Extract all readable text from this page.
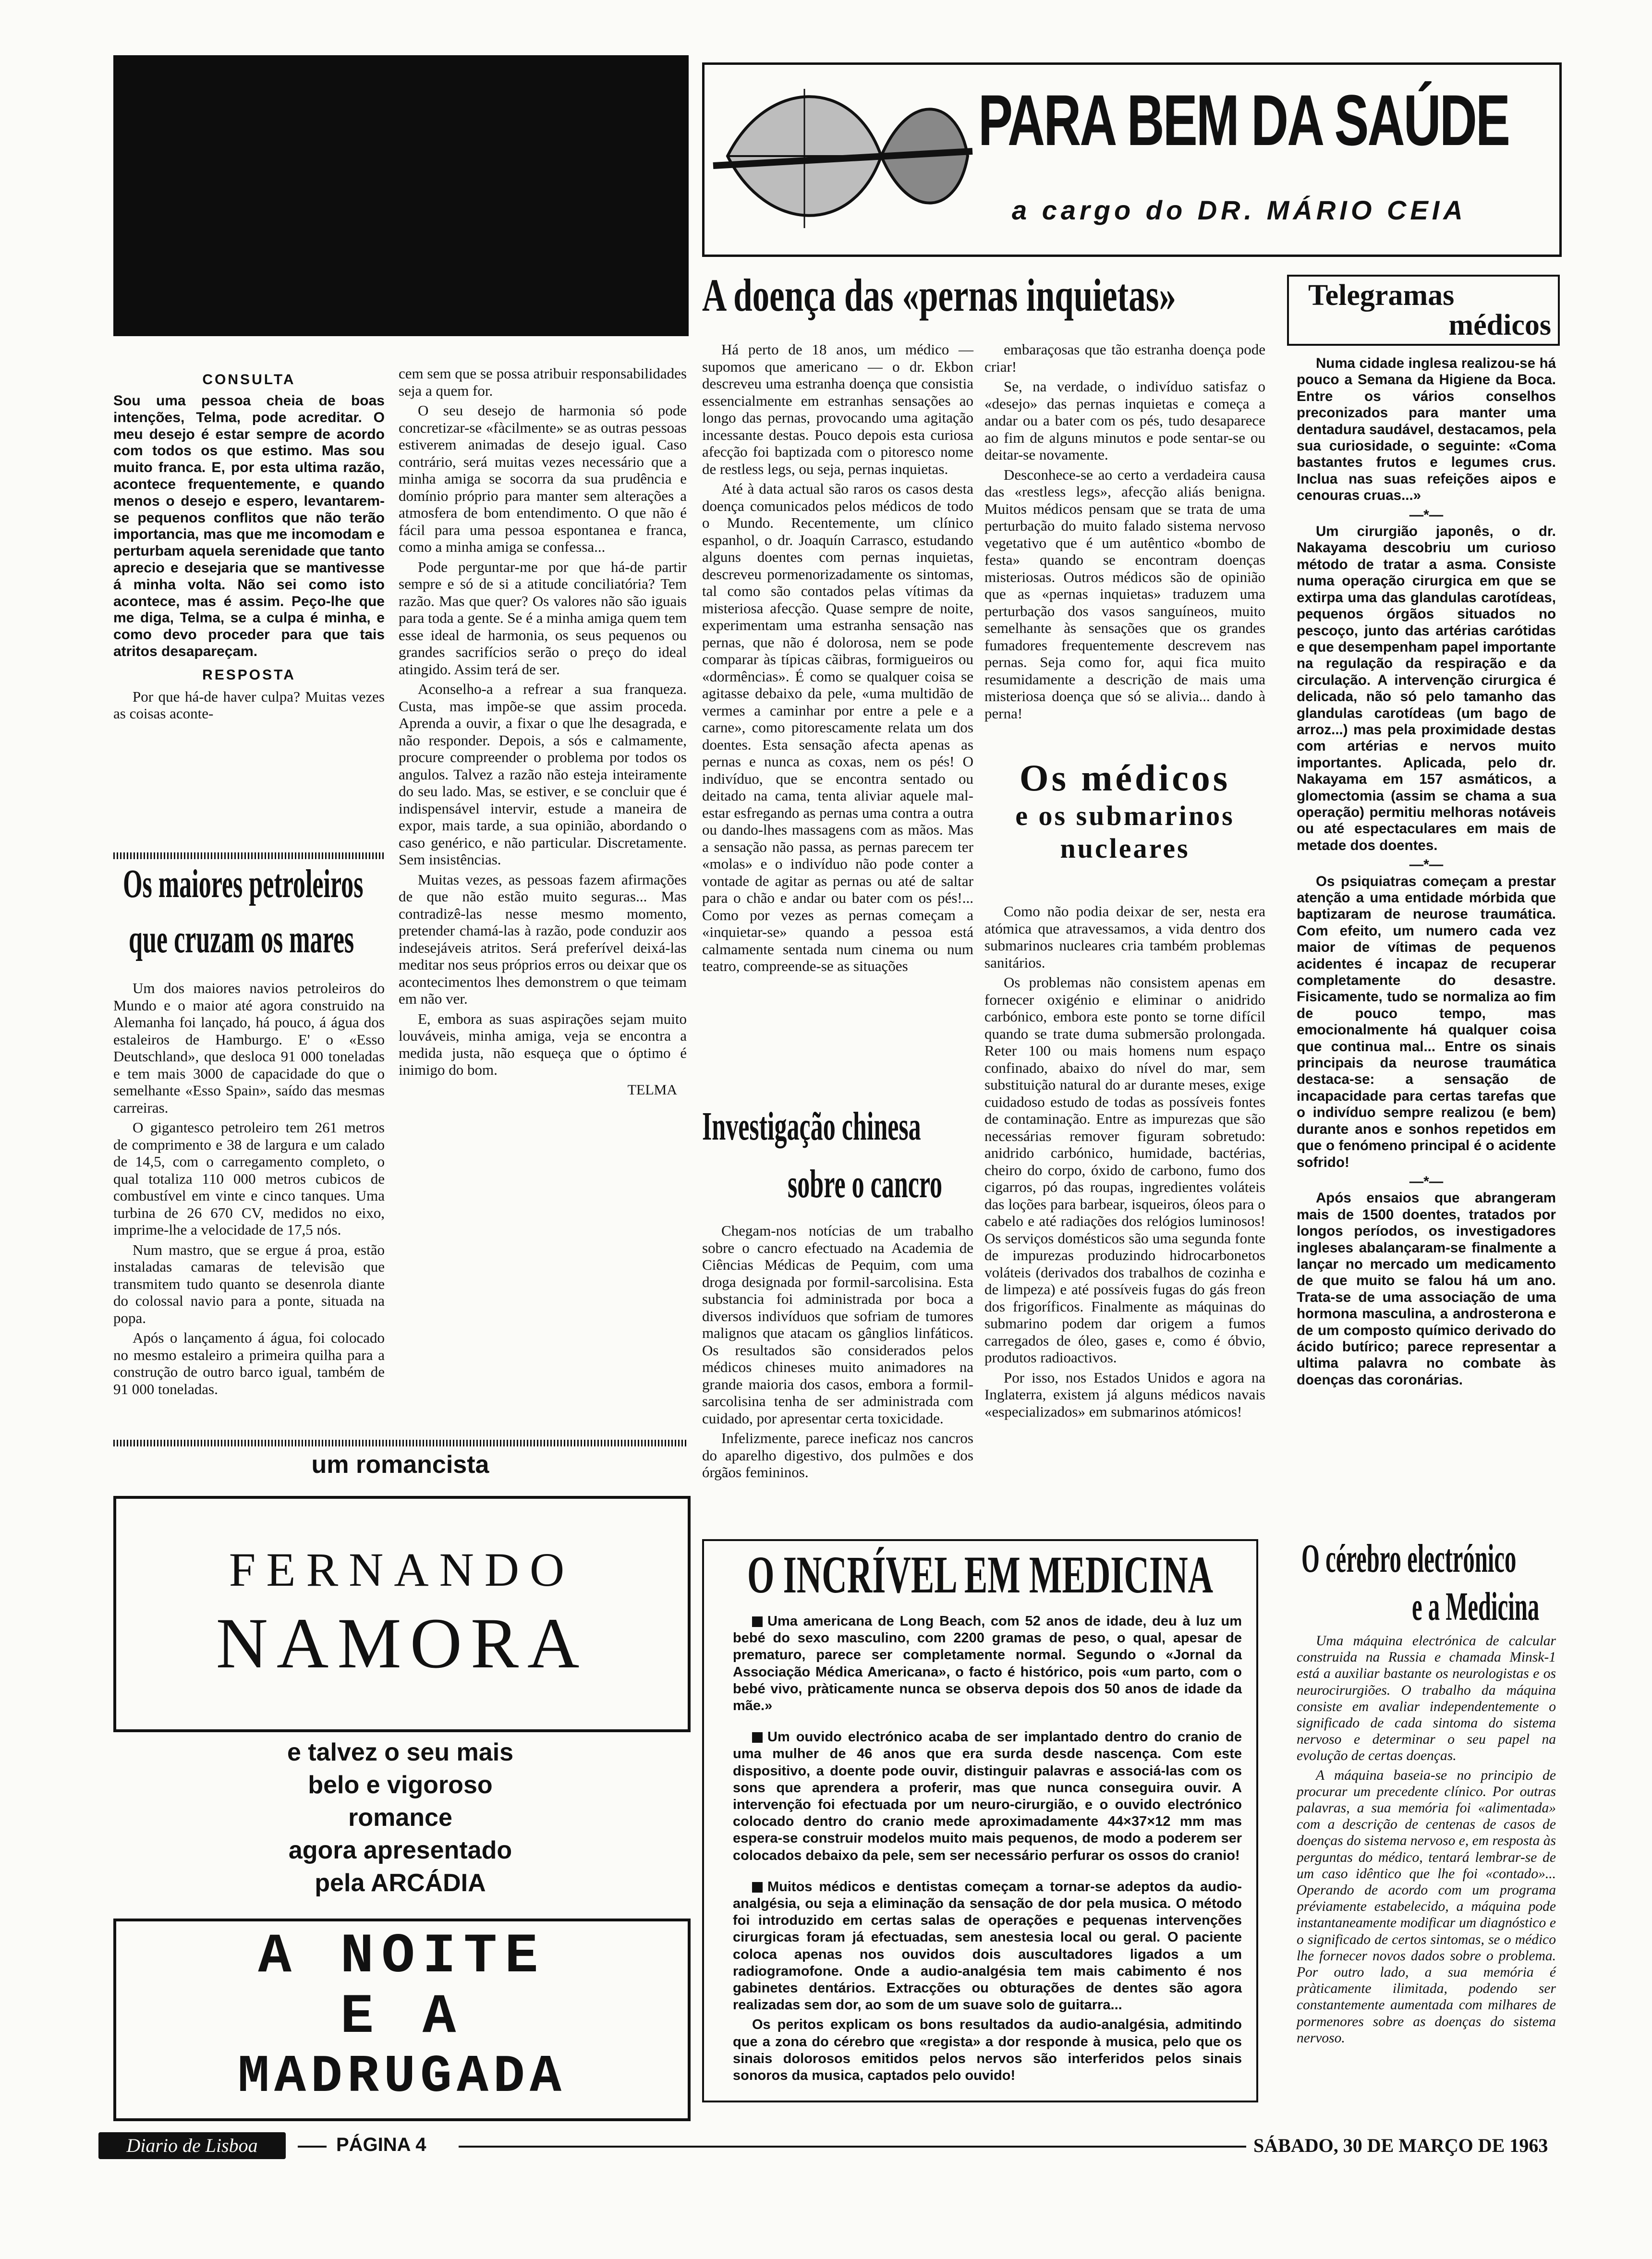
PARA BEM DA SAÚDE
a cargo do DR. MÁRIO CEIA
A doença das «pernas inquietas»

Há perto de 18 anos, um médico — supomos que americano — o dr. Ekbon descreveu uma estranha doença que consistia essencialmente em estranhas sensações ao longo das pernas, provocando uma agitação incessante destas. Pouco depois esta curiosa afecção foi baptizada com o pitoresco nome de restless legs, ou seja, pernas inquietas.

Até à data actual são raros os casos desta doença comunicados pelos médicos de todo o Mundo. Recentemente, um clínico espanhol, o dr. Joaquín Carrasco, estudando alguns doentes com pernas inquietas, descreveu pormenorizadamente os sintomas, tal como são contados pelas vítimas da misteriosa afecção. Quase sempre de noite, experimentam uma estranha sensação nas pernas, que não é dolorosa, nem se pode comparar às típicas cãibras, formigueiros ou «dormências». É como se qualquer coisa se agitasse debaixo da pele, «uma multidão de vermes a caminhar por entre a pele e a carne», como pitorescamente relata um dos doentes. Esta sensação afecta apenas as pernas e nunca as coxas, nem os pés! O indivíduo, que se encontra sentado ou deitado na cama, tenta aliviar aquele mal-estar esfregando as pernas uma contra a outra ou dando-lhes massagens com as mãos. Mas a sensação não passa, as pernas parecem ter «molas» e o indivíduo não pode conter a vontade de agitar as pernas ou até de saltar para o chão e andar ou bater com os pés!... Como por vezes as pernas começam a «inquietar-se» quando a pessoa está calmamente sentada num cinema ou num teatro, compreende-se as situações

embaraçosas que tão estranha doença pode criar!

Se, na verdade, o indivíduo satisfaz o «desejo» das pernas inquietas e começa a andar ou a bater com os pés, tudo desaparece ao fim de alguns minutos e pode sentar-se ou deitar-se novamente.

Desconhece-se ao certo a verdadeira causa das «restless legs», afecção aliás benigna. Muitos médicos pensam que se trata de uma perturbação do muito falado sistema nervoso vegetativo que é um autêntico «bombo de festa» quando se encontram doenças misteriosas. Outros médicos são de opinião que as «pernas inquietas» traduzem uma perturbação dos vasos sanguíneos, muito semelhante às sensações que os grandes fumadores frequentemente descrevem nas pernas. Seja como for, aqui fica muito resumidamente a descrição de mais uma misteriosa doença que só se alivia... dando à perna!

Telegramas
médicos

Numa cidade inglesa realizou-se há pouco a Semana da Higiene da Boca. Entre os vários conselhos preconizados para manter uma dentadura saudável, destacamos, pela sua curiosidade, o seguinte: «Coma bastantes frutos e legumes crus. Inclua nas suas refeições aipos e cenouras cruas...»

—*—

Um cirurgião japonês, o dr. Nakayama descobriu um curioso método de tratar a asma. Consiste numa operação cirurgica em que se extirpa uma das glandulas carotídeas, pequenos órgãos situados no pescoço, junto das artérias carótidas e que desempenham papel importante na regulação da respiração e da circulação. A intervenção cirurgica é delicada, não só pelo tamanho das glandulas carotídeas (um bago de arroz...) mas pela proximidade destas com artérias e nervos muito importantes. Aplicada, pelo dr. Nakayama em 157 asmáticos, a glomectomia (assim se chama a sua operação) permitiu melhoras notáveis ou até espectaculares em mais de metade dos doentes.

—*—

Os psiquiatras começam a prestar atenção a uma entidade mórbida que baptizaram de neurose traumática. Com efeito, um numero cada vez maior de vítimas de pequenos acidentes é incapaz de recuperar completamente do desastre. Fisicamente, tudo se normaliza ao fim de pouco tempo, mas emocionalmente há qualquer coisa que continua mal... Entre os sinais principais da neurose traumática destaca-se: a sensação de incapacidade para certas tarefas que o indivíduo sempre realizou (e bem) durante anos e sonhos repetidos em que o fenómeno principal é o acidente sofrido!

—*—

Após ensaios que abrangeram mais de 1500 doentes, tratados por longos períodos, os investigadores ingleses abalançaram-se finalmente a lançar no mercado um medicamento de que muito se falou há um ano. Trata-se de uma associação de uma hormona masculina, a androsterona e de um composto químico derivado do ácido butírico; parece representar a ultima palavra no combate às doenças das coronárias.

CONSULTA
Sou uma pessoa cheia de boas intenções, Telma, pode acreditar. O meu desejo é estar sempre de acordo com todos os que estimo. Mas sou muito franca. E, por esta ultima razão, acontece frequentemente, e quando menos o desejo e espero, levantarem-se pequenos conflitos que não terão importancia, mas que me incomodam e perturbam aquela serenidade que tanto aprecio e desejaria que se mantivesse á minha volta. Não sei como isto acontece, mas é assim. Peço-lhe que me diga, Telma, se a culpa é minha, e como devo proceder para que tais atritos desapareçam.
RESPOSTA
Por que há-de haver culpa? Muitas vezes as coisas aconte-

cem sem que se possa atribuir responsabilidades seja a quem for.

O seu desejo de harmonia só pode concretizar-se «fàcilmente» se as outras pessoas estiverem animadas de desejo igual. Caso contrário, será muitas vezes necessário que a minha amiga se socorra da sua prudência e domínio próprio para manter sem alterações a atmosfera de bom entendimento. O que não é fácil para uma pessoa espontanea e franca, como a minha amiga se confessa...

Pode perguntar-me por que há-de partir sempre e só de si a atitude conciliatória? Tem razão. Mas que quer? Os valores não são iguais para toda a gente. Se é a minha amiga quem tem esse ideal de harmonia, os seus pequenos ou grandes sacrifícios serão o preço do ideal atingido. Assim terá de ser.

Aconselho-a a refrear a sua franqueza. Custa, mas impõe-se que assim proceda. Aprenda a ouvir, a fixar o que lhe desagrada, e não responder. Depois, a sós e calmamente, procure compreender o problema por todos os angulos. Talvez a razão não esteja inteiramente do seu lado. Mas, se estiver, e se concluir que é indispensável intervir, estude a maneira de expor, mais tarde, a sua opinião, abordando o caso genérico, e não particular. Discretamente. Sem insistências.

Muitas vezes, as pessoas fazem afirmações de que não estão muito seguras... Mas contradizê-las nesse mesmo momento, pretender chamá-las à razão, pode conduzir aos indesejáveis atritos. Será preferível deixá-las meditar nos seus próprios erros ou deixar que os acontecimentos lhes demonstrem o que teimam em não ver.

E, embora as suas aspirações sejam muito louváveis, minha amiga, veja se encontra a medida justa, não esqueça que o óptimo é inimigo do bom.

TELMA
Os maiores petroleiros
que cruzam os mares

Um dos maiores navios petroleiros do Mundo e o maior até agora construido na Alemanha foi lançado, há pouco, á água dos estaleiros de Hamburgo. E' o «Esso Deutschland», que desloca 91 000 toneladas e tem mais 3000 de capacidade do que o semelhante «Esso Spain», saído das mesmas carreiras.

O gigantesco petroleiro tem 261 metros de comprimento e 38 de largura e um calado de 14,5, com o carregamento completo, o qual totaliza 110 000 metros cubicos de combustível em vinte e cinco tanques. Uma turbina de 26 670 CV, medidos no eixo, imprime-lhe a velocidade de 17,5 nós.

Num mastro, que se ergue á proa, estão instaladas camaras de televisão que transmitem tudo quanto se desenrola diante do colossal navio para a ponte, situada na popa.

Após o lançamento á água, foi colocado no mesmo estaleiro a primeira quilha para a construção de outro barco igual, também de 91 000 toneladas.

Os médicos
e os submarinos
nucleares

Como não podia deixar de ser, nesta era atómica que atravessamos, a vida dentro dos submarinos nucleares cria também problemas sanitários.

Os problemas não consistem apenas em fornecer oxigénio e eliminar o anidrido carbónico, embora este ponto se torne difícil quando se trate duma submersão prolongada. Reter 100 ou mais homens num espaço confinado, abaixo do nível do mar, sem substituição natural do ar durante meses, exige cuidadoso estudo de todas as possíveis fontes de contaminação. Entre as impurezas que são necessárias remover figuram sobretudo: anidrido carbónico, humidade, bactérias, cheiro do corpo, óxido de carbono, fumo dos cigarros, pó das roupas, ingredientes voláteis das loções para barbear, isqueiros, óleos para o cabelo e até radiações dos relógios luminosos! Os serviços domésticos são uma segunda fonte de impurezas produzindo hidrocarbonetos voláteis (derivados dos trabalhos de cozinha e de limpeza) e até possíveis fugas do gás freon dos frigoríficos. Finalmente as máquinas do submarino podem dar origem a fumos carregados de óleo, gases e, como é óbvio, produtos radioactivos.

Por isso, nos Estados Unidos e agora na Inglaterra, existem já alguns médicos navais «especializados» em submarinos atómicos!

Investigação chinesa
sobre o cancro

Chegam-nos notícias de um trabalho sobre o cancro efectuado na Academia de Ciências Médicas de Pequim, com uma droga designada por formil-sarcolisina. Esta substancia foi administrada por boca a diversos indivíduos que sofriam de tumores malignos que atacam os gânglios linfáticos. Os resultados são considerados pelos médicos chineses muito animadores na grande maioria dos casos, embora a formil-sarcolisina tenha de ser administrada com cuidado, por apresentar certa toxicidade.

Infelizmente, parece ineficaz nos cancros do aparelho digestivo, dos pulmões e dos órgãos femininos.

um romancista
FERNANDO
NAMORA
e talvez o seu mais
belo e vigoroso
romance
agora apresentado
pela ARCÁDIA
A NOITE
E A
MADRUGADA
O INCRÍVEL EM MEDICINA

Uma americana de Long Beach, com 52 anos de idade, deu à luz um bebé do sexo masculino, com 2200 gramas de peso, o qual, apesar de prematuro, parece ser completamente normal. Segundo o «Jornal da Associação Médica Americana», o facto é histórico, pois «um parto, com o bebé vivo, pràticamente nunca se observa depois dos 50 anos de idade da mãe.»

Um ouvido electrónico acaba de ser implantado dentro do cranio de uma mulher de 46 anos que era surda desde nascença. Com este dispositivo, a doente pode ouvir, distinguir palavras e associá-las com os sons que aprendera a proferir, mas que nunca conseguira ouvir. A intervenção foi efectuada por um neuro-cirurgião, e o ouvido electrónico colocado dentro do cranio mede aproximadamente 44×37×12 mm mas espera-se construir modelos muito mais pequenos, de modo a poderem ser colocados debaixo da pele, sem ser necessário perfurar os ossos do cranio!

Muitos médicos e dentistas começam a tornar-se adeptos da audio-analgésia, ou seja a eliminação da sensação de dor pela musica. O método foi introduzido em certas salas de operações e pequenas intervenções cirurgicas foram já efectuadas, sem anestesia local ou geral. O paciente coloca apenas nos ouvidos dois auscultadores ligados a um radiogramofone. Onde a audio-analgésia tem mais cabimento é nos gabinetes dentários. Extracções ou obturações de dentes são agora realizadas sem dor, ao som de um suave solo de guitarra...

Os peritos explicam os bons resultados da audio-analgésia, admitindo que a zona do cérebro que «regista» a dor responde à musica, pelo que os sinais dolorosos emitidos pelos nervos são interferidos pelos sinais sonoros da musica, captados pelo ouvido!

O cérebro electrónico
e a Medicina

Uma máquina electrónica de calcular construida na Russia e chamada Minsk-1 está a auxiliar bastante os neurologistas e os neurocirurgiões. O trabalho da máquina consiste em avaliar independentemente o significado de cada sintoma do sistema nervoso e determinar o seu papel na evolução de certas doenças.

A máquina baseia-se no principio de procurar um precedente clínico. Por outras palavras, a sua memória foi «alimentada» com a descrição de centenas de casos de doenças do sistema nervoso e, em resposta às perguntas do médico, tentará lembrar-se de um caso idêntico que lhe foi «contado»... Operando de acordo com um programa préviamente estabelecido, a máquina pode instantaneamente modificar um diagnóstico e o significado de certos sintomas, se o médico lhe fornecer novos dados sobre o problema. Por outro lado, a sua memória é pràticamente ilimitada, podendo ser constantemente aumentada com milhares de pormenores sobre as doenças do sistema nervoso.

Diario de Lisboa	PÁGINA 4	SÁBADO, 30 DE MARÇO DE 1963
